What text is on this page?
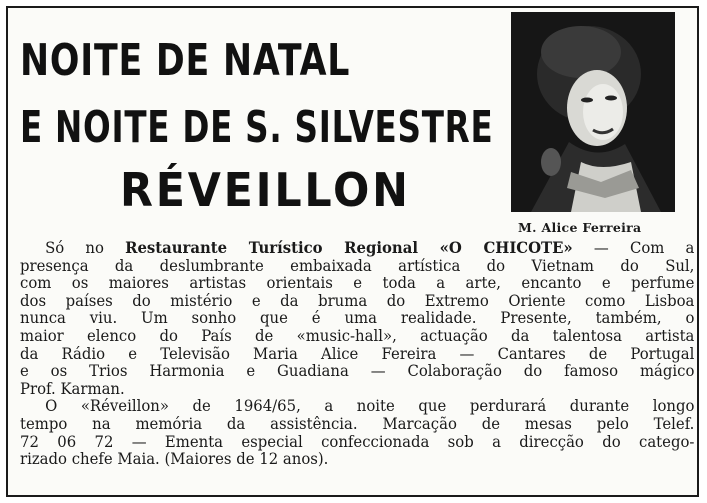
NOITE DE NATAL
E NOITE DE S. SILVESTRE
RÉVEILLON
M. Alice Ferreira
Só no Restaurante Turístico Regional «O CHICOTE» — Com a
presença da deslumbrante embaixada artística do Vietnam do Sul,
com os maiores artistas orientais e toda a arte, encanto e perfume
dos países do mistério e da bruma do Extremo Oriente como Lisboa
nunca viu. Um sonho que é uma realidade. Presente, também, o
maior elenco do País de «music-hall», actuação da talentosa artista
da Rádio e Televisão Maria Alice Fereira — Cantares de Portugal
e os Trios Harmonia e Guadiana — Colaboração do famoso mágico
Prof. Karman.
O «Réveillon» de 1964/65, a noite que perdurará durante longo
tempo na memória da assistência. Marcação de mesas pelo Telef.
72 06 72 — Ementa especial confeccionada sob a direcção do catego-
rizado chefe Maia. (Maiores de 12 anos).
